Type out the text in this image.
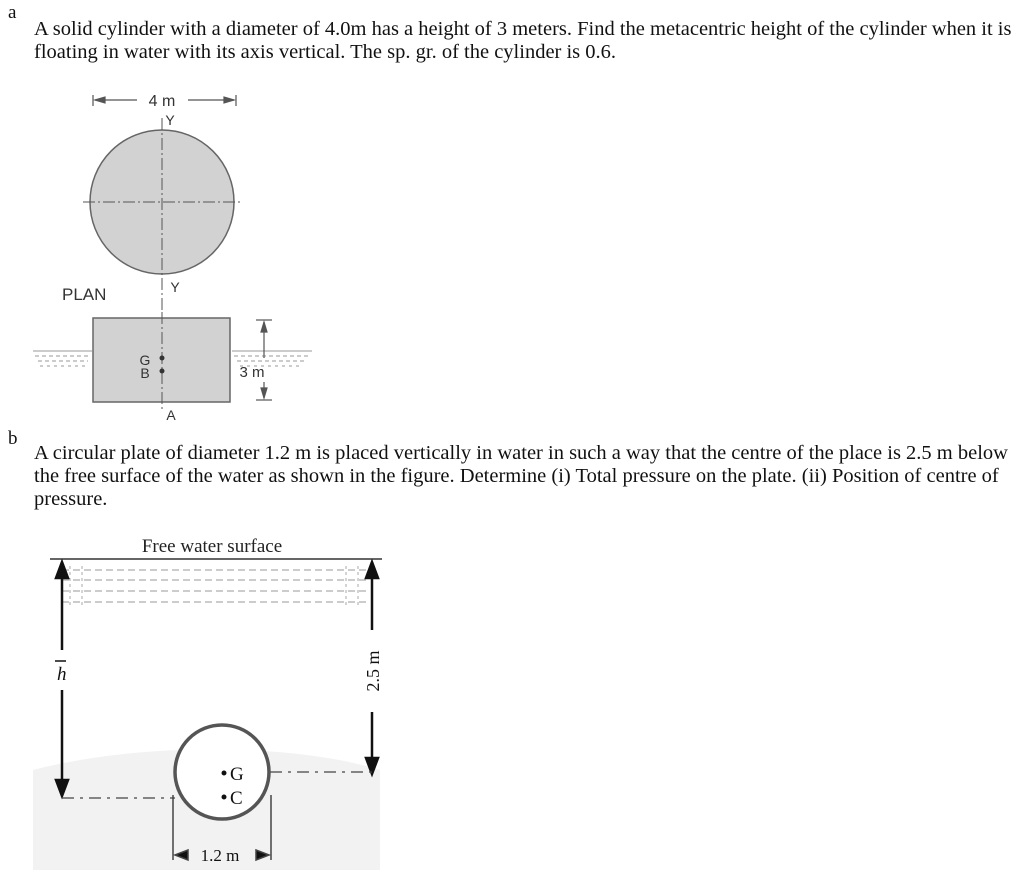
a
A solid cylinder with a diameter of 4.0m has a height of 3 meters. Find the metacentric height of the cylinder when it is floating in water with its axis vertical. The sp. gr. of the cylinder is 0.6.
4 m
Y
Y
PLAN
G
B
A
3 m
b
A circular plate of diameter 1.2 m is placed vertically in water in such a way that the centre of the place is 2.5 m below the free surface of the water as shown in the figure. Determine (i) Total pressure on the plate. (ii) Position of centre of pressure.
Free water surface
h	2.5 m
G
C
1.2 m
